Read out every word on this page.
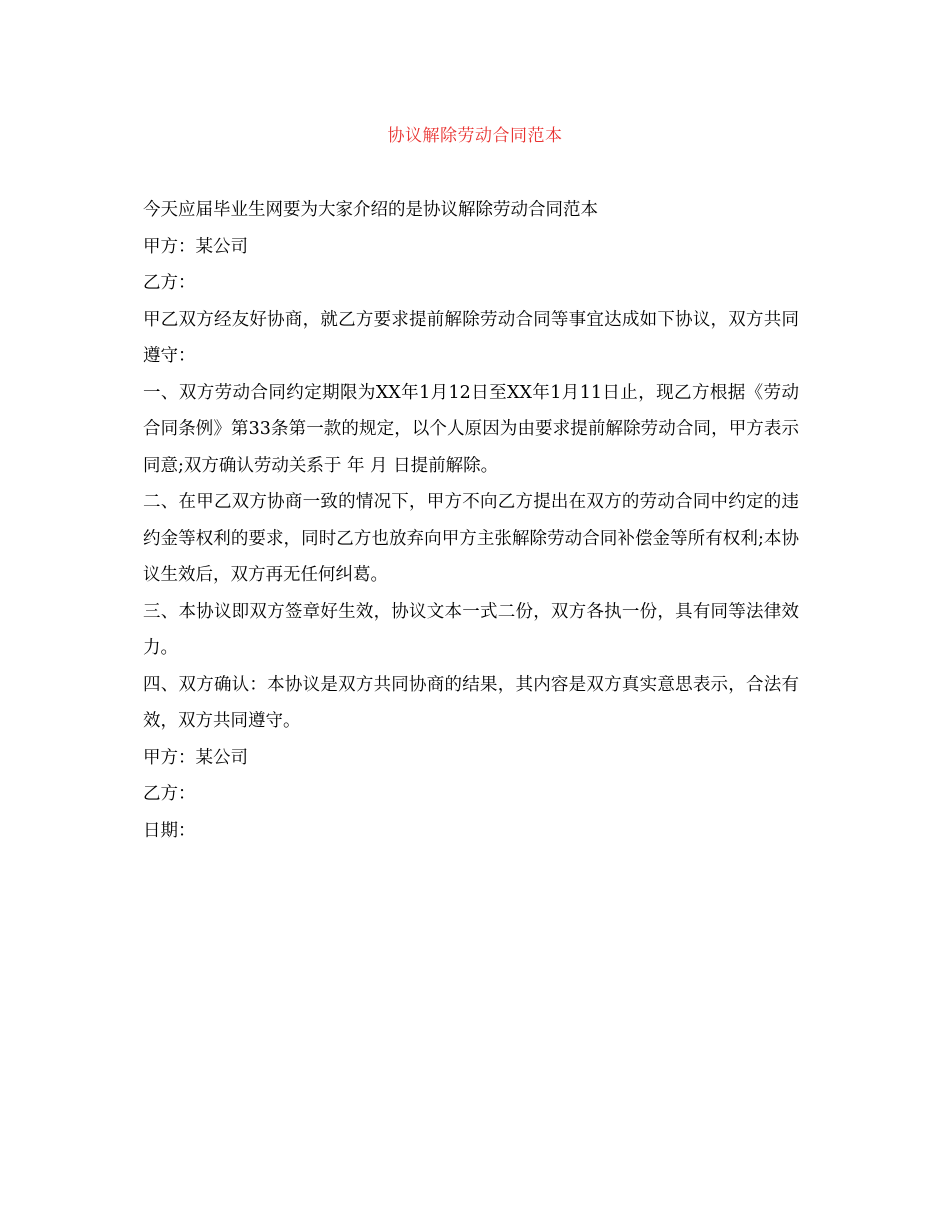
协议解除劳动合同范本

今天应届毕业生网要为大家介绍的是协议解除劳动合同范本

甲方：某公司

乙方：

甲乙双方经友好协商，就乙方要求提前解除劳动合同等事宜达成如下协议，双方共同遵守：

一、双方劳动合同约定期限为XX年1月12日至XX年1月11日止，现乙方根据《劳动合同条例》第33条第一款的规定，以个人原因为由要求提前解除劳动合同，甲方表示同意;双方确认劳动关系于 年 月 日提前解除。

二、在甲乙双方协商一致的情况下，甲方不向乙方提出在双方的劳动合同中约定的违约金等权利的要求，同时乙方也放弃向甲方主张解除劳动合同补偿金等所有权利;本协议生效后，双方再无任何纠葛。

三、本协议即双方签章好生效，协议文本一式二份，双方各执一份，具有同等法律效力。

四、双方确认：本协议是双方共同协商的结果，其内容是双方真实意思表示，合法有效，双方共同遵守。

甲方：某公司

乙方：

日期：
